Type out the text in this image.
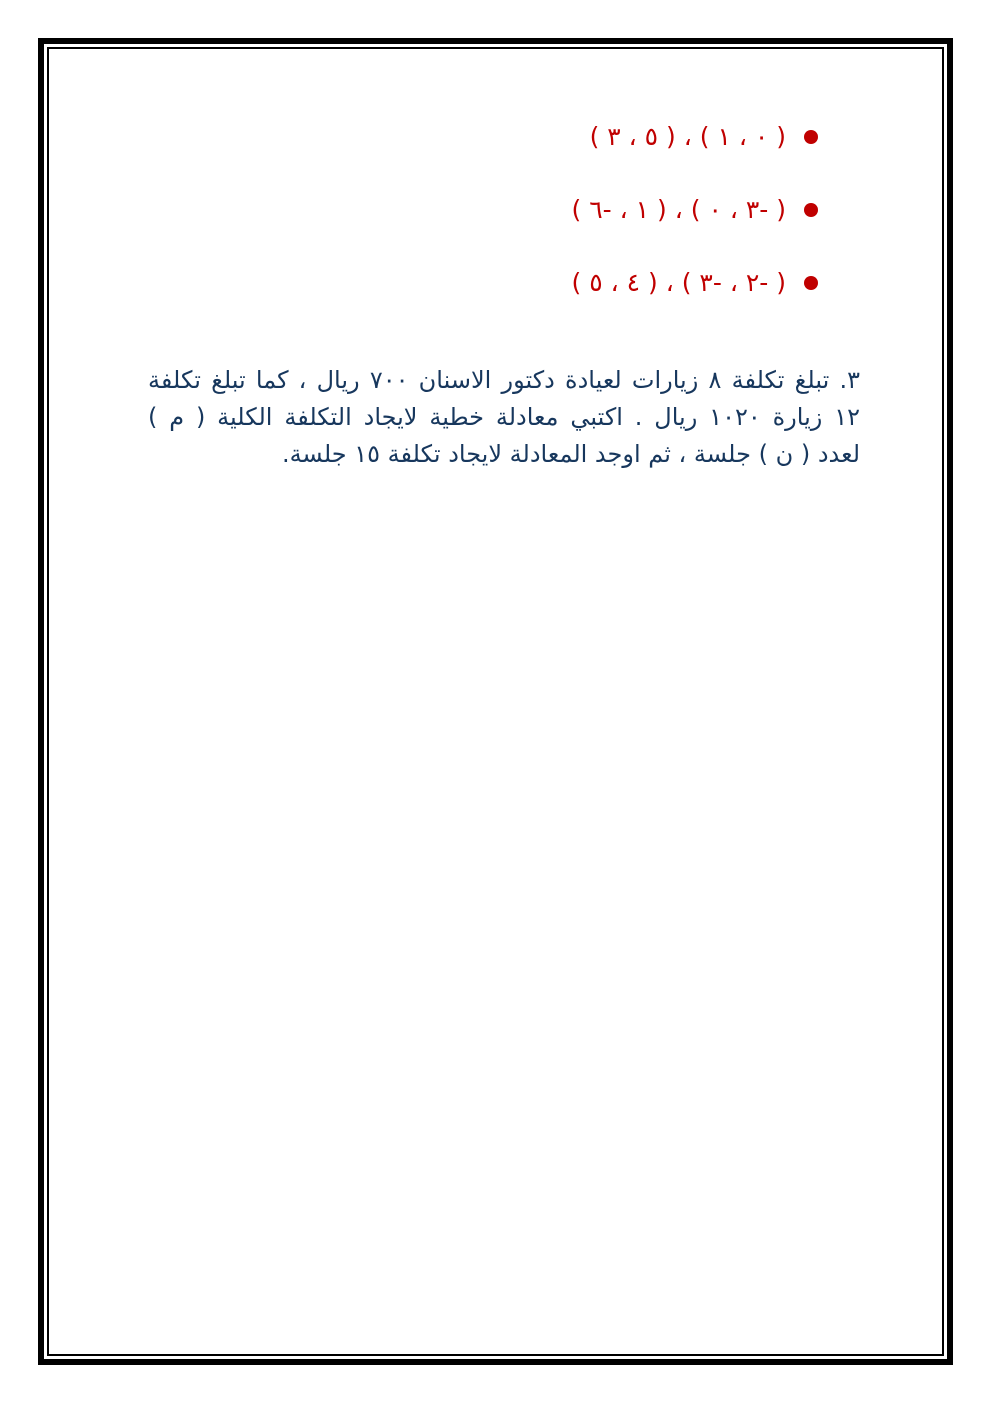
( ٣ ، ٥ ) ، ( ١ ، ٠ )
( ٦- ، ١ ) ، ( ٠ ، ٣- )
( ٥ ، ٤ ) ، ( ٣- ، ٢- )
٣. تبلغ تكلفة ٨ زيارات لعيادة دكتور الاسنان ٧٠٠ ريال ، كما تبلغ تكلفة
١٢ زيارة ١٠٢٠ ريال . اكتبي معادلة خطية لايجاد التكلفة الكلية ( م )
لعدد ( ن ) جلسة ، ثم اوجد المعادلة لايجاد تكلفة ١٥ جلسة.
